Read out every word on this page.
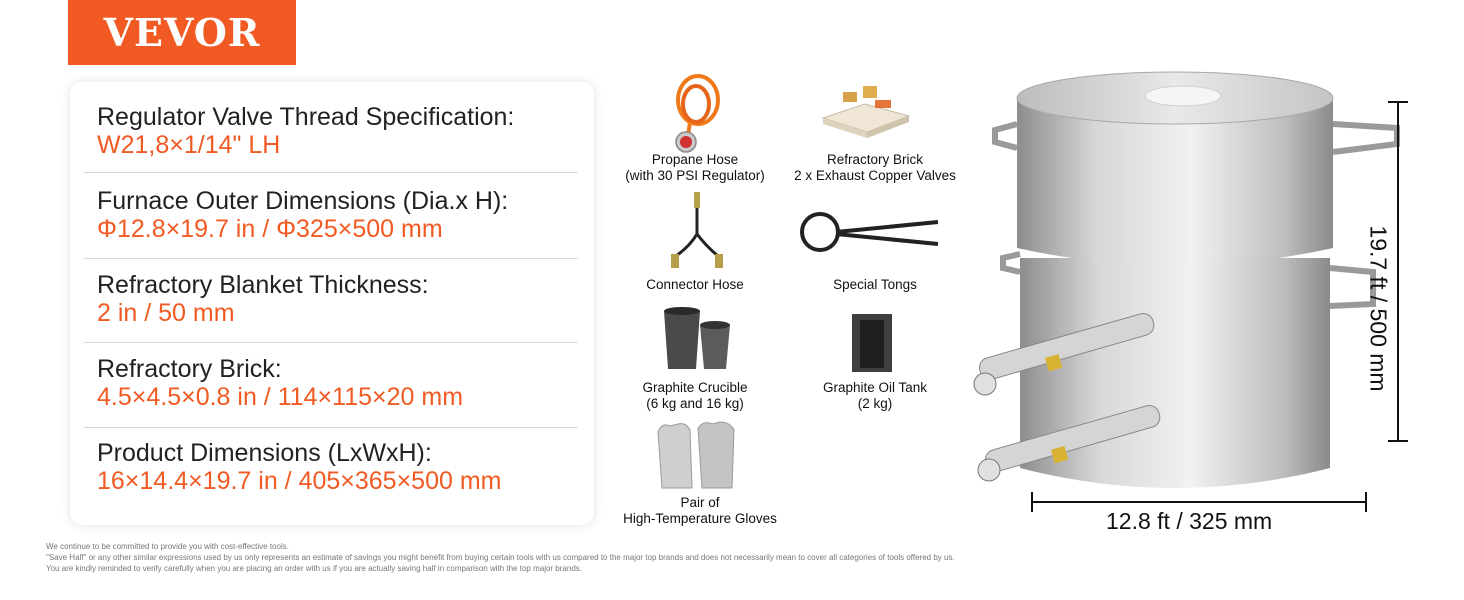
VEVOR
Regulator Valve Thread Specification:
W21,8×1/14" LH
Furnace Outer Dimensions (Dia.x H):
Φ12.8×19.7 in / Φ325×500 mm
Refractory Blanket Thickness:
2 in / 50 mm
Refractory Brick:
4.5×4.5×0.8 in / 114×115×20 mm
Product Dimensions (LxWxH):
16×14.4×19.7 in / 405×365×500 mm
Propane Hose
(with 30 PSI Regulator)
Refractory Brick
2 x Exhaust Copper Valves
Connector Hose	Special Tongs
Graphite Crucible
(6 kg and 16 kg)
Graphite Oil Tank
(2 kg)
Pair of
High-Temperature Gloves
19.7 ft / 500 mm
12.8 ft / 325 mm
We continue to be committed to provide you with cost-effective tools.
"Save Half" or any other similar expressions used by us only represents an estimate of savings you might benefit from buying certain tools with us compared to the major top brands and does not necessarily mean to cover all categories of tools offered by us.
You are kindly reminded to verify carefully when you are placing an order with us if you are actually saving half in comparison with the top major brands.
